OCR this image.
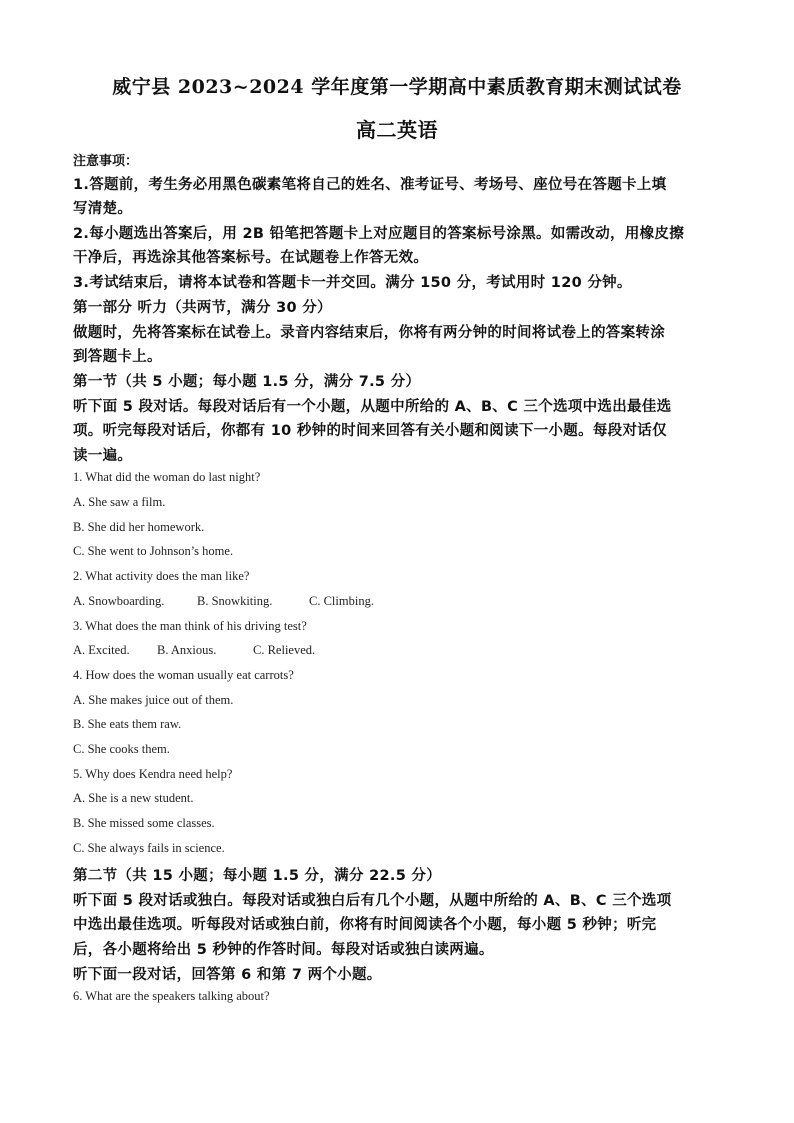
威宁县 2023~2024 学年度第一学期高中素质教育期末测试试卷
高二英语
注意事项：
1.答题前，考生务必用黑色碳素笔将自己的姓名、准考证号、考场号、座位号在答题卡上填
写清楚。
2.每小题选出答案后，用 2B 铅笔把答题卡上对应题目的答案标号涂黑。如需改动，用橡皮擦
干净后，再选涂其他答案标号。在试题卷上作答无效。
3.考试结束后，请将本试卷和答题卡一并交回。满分 150 分，考试用时 120 分钟。
第一部分 听力（共两节，满分 30 分）
做题时，先将答案标在试卷上。录音内容结束后，你将有两分钟的时间将试卷上的答案转涂
到答题卡上。
第一节（共 5 小题；每小题 1.5 分，满分 7.5 分）
听下面 5 段对话。每段对话后有一个小题，从题中所给的 A、B、C 三个选项中选出最佳选
项。听完每段对话后，你都有 10 秒钟的时间来回答有关小题和阅读下一小题。每段对话仅
读一遍。
1. What did the woman do last night?
A. She saw a film.
B. She did her homework.
C. She went to Johnson’s home.
2. What activity does the man like?
A. Snowboarding.	B. Snowkiting.	C. Climbing.
3. What does the man think of his driving test?
A. Excited. B. Anxious.	C. Relieved.
4. How does the woman usually eat carrots?
A. She makes juice out of them.
B. She eats them raw.
C. She cooks them.
5. Why does Kendra need help?
A. She is a new student.
B. She missed some classes.
C. She always fails in science.
第二节（共 15 小题；每小题 1.5 分，满分 22.5 分）
听下面 5 段对话或独白。每段对话或独白后有几个小题，从题中所给的 A、B、C 三个选项
中选出最佳选项。听每段对话或独白前，你将有时间阅读各个小题，每小题 5 秒钟；听完
后，各小题将给出 5 秒钟的作答时间。每段对话或独白读两遍。
听下面一段对话，回答第 6 和第 7 两个小题。
6. What are the speakers talking about?
